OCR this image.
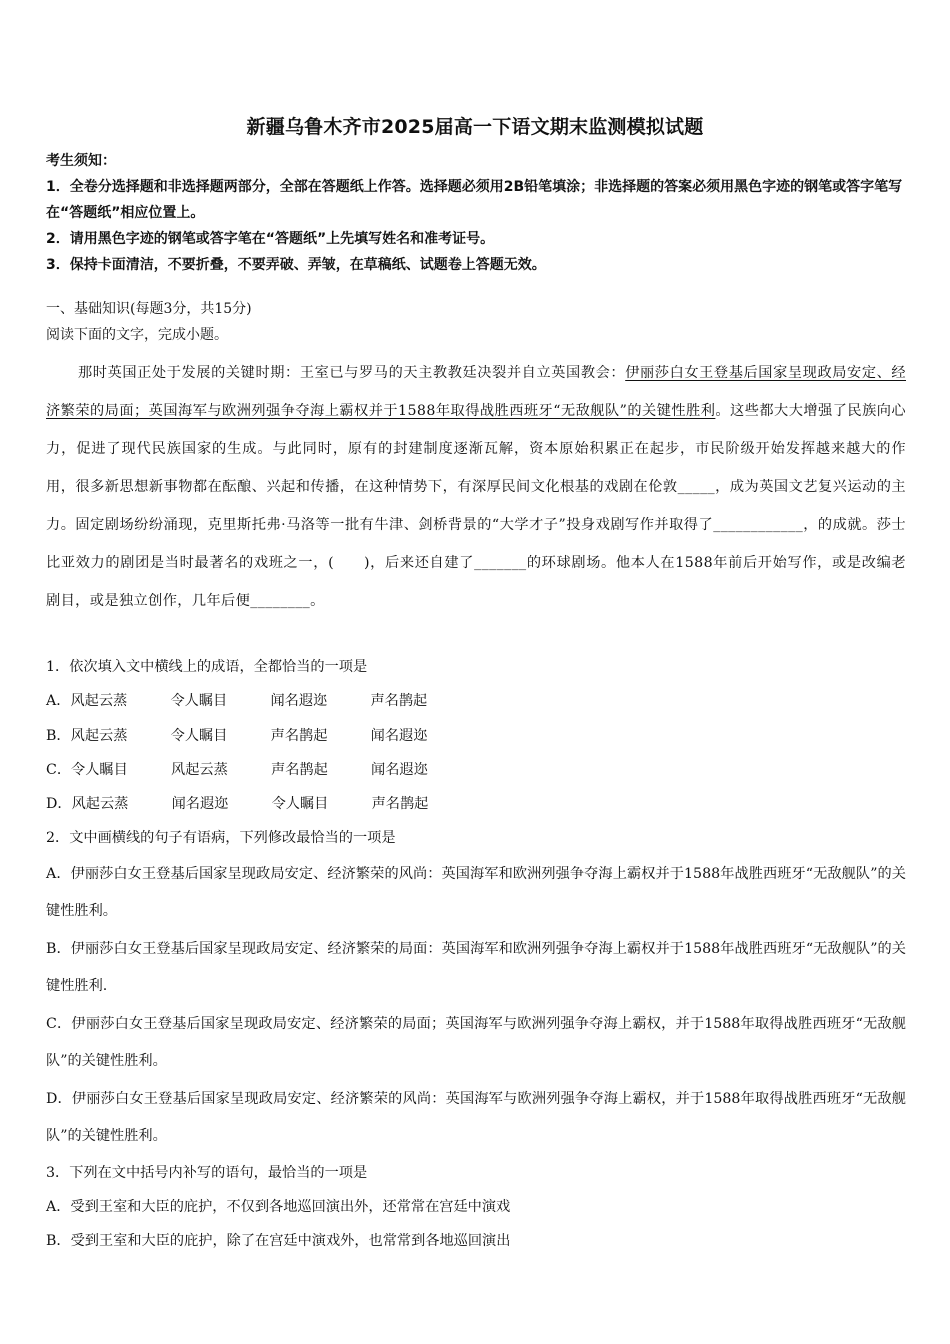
新疆乌鲁木齐市2025届高一下语文期末监测模拟试题
考生须知：
1．全卷分选择题和非选择题两部分，全部在答题纸上作答。选择题必须用2B铅笔填涂；非选择题的答案必须用黑色字迹的钢笔或答字笔写在“答题纸”相应位置上。
2．请用黑色字迹的钢笔或答字笔在“答题纸”上先填写姓名和准考证号。
3．保持卡面清洁，不要折叠，不要弄破、弄皱，在草稿纸、试题卷上答题无效。
一、基础知识(每题3分，共15分)
阅读下面的文字，完成小题。
那时英国正处于发展的关键时期：王室已与罗马的天主教教廷决裂并自立英国教会：伊丽莎白女王登基后国家呈现政局安定、经济繁荣的局面；英国海军与欧洲列强争夺海上霸权并于1588年取得战胜西班牙“无敌舰队”的关键性胜利。这些都大大增强了民族向心力，促进了现代民族国家的生成。与此同时，原有的封建制度逐渐瓦解，资本原始积累正在起步，市民阶级开始发挥越来越大的作用，很多新思想新事物都在酝酿、兴起和传播，在这种情势下，有深厚民间文化根基的戏剧在伦敦_____，成为英国文艺复兴运动的主力。固定剧场纷纷涌现，克里斯托弗·马洛等一批有牛津、剑桥背景的“大学才子”投身戏剧写作并取得了____________，的成就。莎士比亚效力的剧团是当时最著名的戏班之一，(　　)，后来还自建了_______的环球剧场。他本人在1588年前后开始写作，或是改编老剧目，或是独立创作，几年后便________。
1．依次填入文中横线上的成语，全都恰当的一项是
A．风起云蒸	令人瞩目	闻名遐迩	声名鹊起
B．风起云蒸	令人瞩目	声名鹊起	闻名遐迩
C．令人瞩目	风起云蒸	声名鹊起	闻名遐迩
D．风起云蒸	闻名遐迩	令人瞩目	声名鹊起
2．文中画横线的句子有语病，下列修改最恰当的一项是
A．伊丽莎白女王登基后国家呈现政局安定、经济繁荣的风尚：英国海军和欧洲列强争夺海上霸权并于1588年战胜西班牙“无敌舰队”的关键性胜利。
B．伊丽莎白女王登基后国家呈现政局安定、经济繁荣的局面：英国海军和欧洲列强争夺海上霸权并于1588年战胜西班牙“无敌舰队”的关键性胜利.
C．伊丽莎白女王登基后国家呈现政局安定、经济繁荣的局面；英国海军与欧洲列强争夺海上霸权，并于1588年取得战胜西班牙“无敌舰队”的关键性胜利。
D．伊丽莎白女王登基后国家呈现政局安定、经济繁荣的风尚：英国海军与欧洲列强争夺海上霸权，并于1588年取得战胜西班牙“无敌舰队”的关键性胜利。
3．下列在文中括号内补写的语句，最恰当的一项是
A．受到王室和大臣的庇护，不仅到各地巡回演出外，还常常在宫廷中演戏
B．受到王室和大臣的庇护，除了在宫廷中演戏外，也常常到各地巡回演出
